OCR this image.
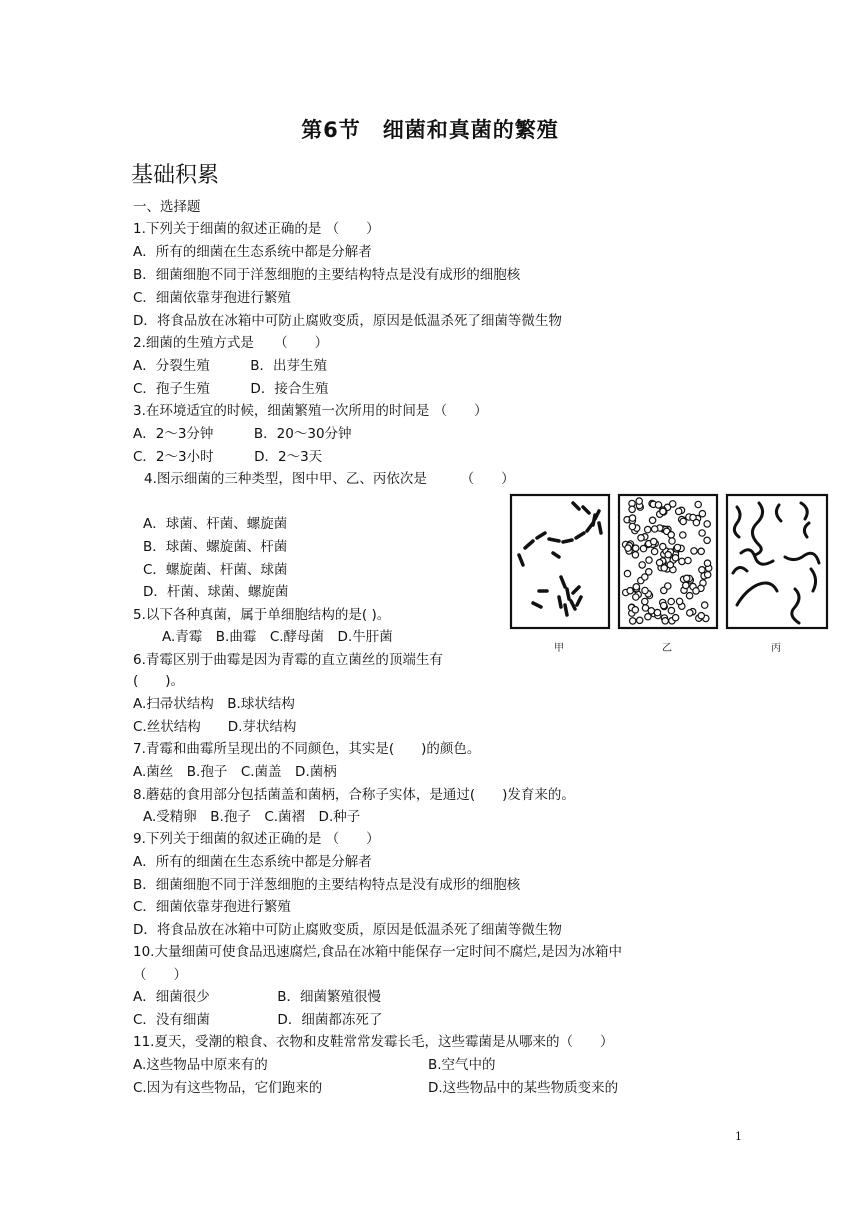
第6节　细菌和真菌的繁殖
基础积累
一、选择题
1.下列关于细菌的叙述正确的是 （　　）
A．所有的细菌在生态系统中都是分解者
B．细菌细胞不同于洋葱细胞的主要结构特点是没有成形的细胞核
C．细菌依靠芽孢进行繁殖
D．将食品放在冰箱中可防止腐败变质，原因是低温杀死了细菌等微生物
2.细菌的生殖方式是　　（　　）
A．分裂生殖　　　B．出芽生殖
C．孢子生殖　　　D．接合生殖
3.在环境适宜的时候，细菌繁殖一次所用的时间是 （　　）
A．2～3分钟　　　B．20～30分钟
C．2～3小时　　　D．2～3天
4.图示细菌的三种类型，图中甲、乙、丙依次是　　　（　　）
A．球菌、杆菌、螺旋菌
B．球菌、螺旋菌、杆菌
C．螺旋菌、杆菌、球菌
D．杆菌、球菌、螺旋菌
5.以下各种真菌，属于单细胞结构的是( )。
A.青霉　B.曲霉　C.酵母菌　D.牛肝菌
6.青霉区别于曲霉是因为青霉的直立菌丝的顶端生有
(　　)。
A.扫帚状结构　B.球状结构
C.丝状结构　　D.芽状结构
7.青霉和曲霉所呈现出的不同颜色，其实是(　　)的颜色。
A.菌丝　B.孢子　C.菌盖　D.菌柄
8.蘑菇的食用部分包括菌盖和菌柄，合称子实体，是通过(　　)发育来的。
A.受精卵　B.孢子　C.菌褶　D.种子
9.下列关于细菌的叙述正确的是 （　　）
A．所有的细菌在生态系统中都是分解者
B．细菌细胞不同于洋葱细胞的主要结构特点是没有成形的细胞核
C．细菌依靠芽孢进行繁殖
D．将食品放在冰箱中可防止腐败变质，原因是低温杀死了细菌等微生物
10.大量细菌可使食品迅速腐烂,食品在冰箱中能保存一定时间不腐烂,是因为冰箱中
（　　）
A．细菌很少　　　　　B．细菌繁殖很慢
C．没有细菌　　　　　D．细菌都冻死了
11.夏天，受潮的粮食、衣物和皮鞋常常发霉长毛，这些霉菌是从哪来的（　　）
A.这些物品中原来有的	B.空气中的
C.因为有这些物品，它们跑来的	D.这些物品中的某些物质变来的
甲	乙	丙
1
